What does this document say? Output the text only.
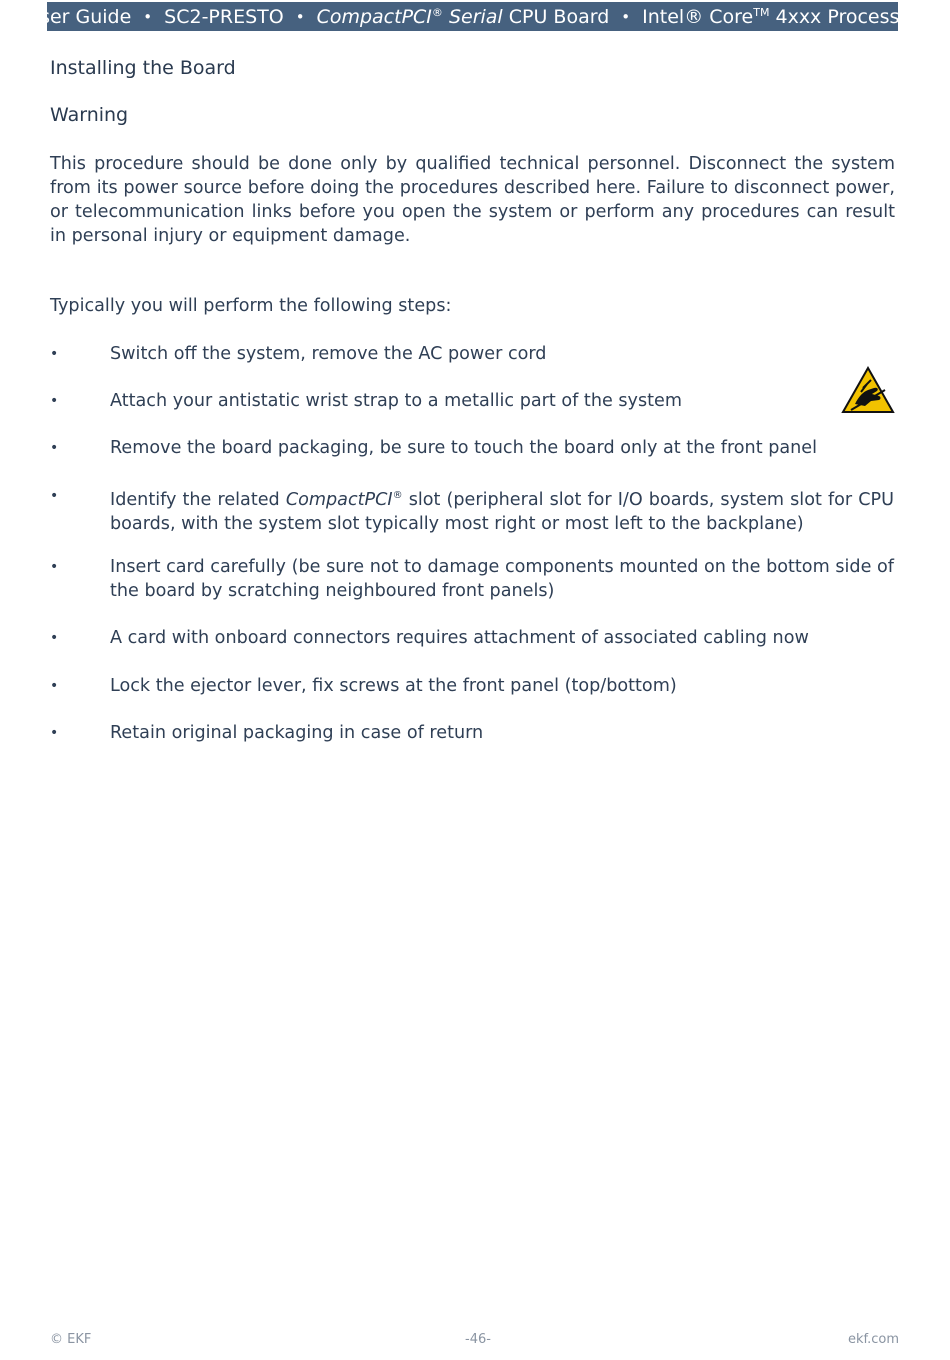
User Guide • SC2-PRESTO • CompactPCI® Serial CPU Board • Intel® Core™ 4xxx Processor
Installing the Board
Warning
This procedure should be done only by qualified technical personnel. Disconnect the system from its power source before doing the procedures described here. Failure to disconnect power, or telecommunication links before you open the system or perform any procedures can result in personal injury or equipment damage.
Typically you will perform the following steps:
•	Switch off the system, remove the AC power cord
•	Attach your antistatic wrist strap to a metallic part of the system
•	Remove the board packaging, be sure to touch the board only at the front panel
•	Identify the related CompactPCI® slot (peripheral slot for I/O boards, system slot for CPU boards, with the system slot typically most right or most left to the backplane)
•	Insert card carefully (be sure not to damage components mounted on the bottom side of the board by scratching neighboured front panels)
•	A card with onboard connectors requires attachment of associated cabling now
•	Lock the ejector lever, fix screws at the front panel (top/bottom)
•	Retain original packaging in case of return
© EKF	-46-	ekf.com
